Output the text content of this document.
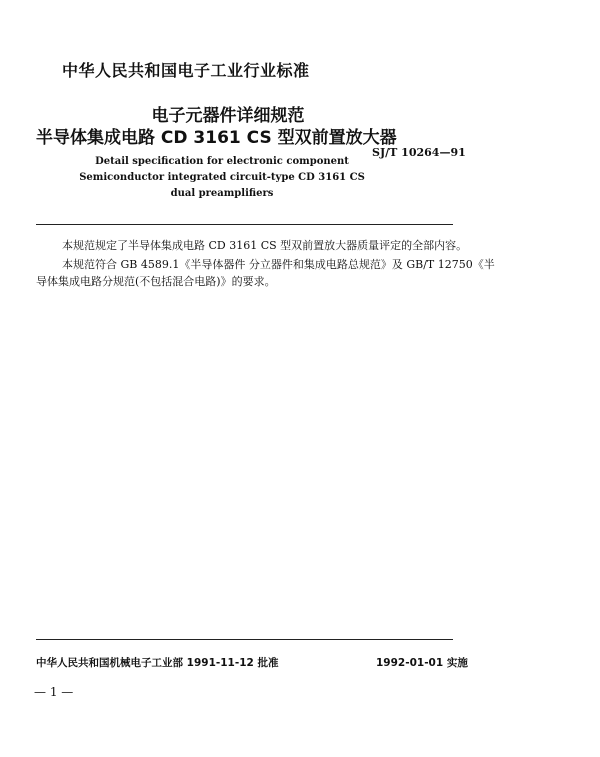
中华人民共和国电子工业行业标准
电子元器件详细规范
半导体集成电路 CD 3161 CS 型双前置放大器
SJ/T 10264—91
Detail specification for electronic component
Semiconductor integrated circuit-type CD 3161 CS
dual preamplifiers
本规范规定了半导体集成电路 CD 3161 CS 型双前置放大器质量评定的全部内容。
本规范符合 GB 4589.1《半导体器件 分立器件和集成电路总规范》及 GB/T 12750《半
导体集成电路分规范(不包括混合电路)》的要求。
中华人民共和国机械电子工业部 1991-11-12 批准	1992-01-01 实施
— 1 —
